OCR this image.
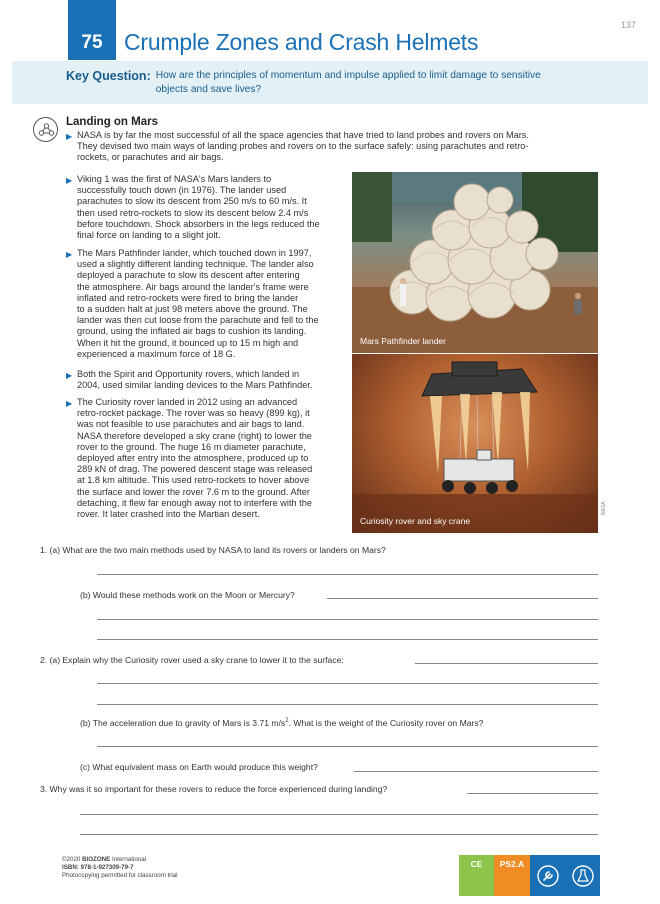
137
75 Crumple Zones and Crash Helmets
Key Question: How are the principles of momentum and impulse applied to limit damage to sensitive
objects and save lives?
Landing on Mars
▶ NASA is by far the most successful of all the space agencies that have tried to land probes and rovers on Mars.
They devised two main ways of landing probes and rovers on to the surface safely: using parachutes and retro-
rockets, or parachutes and air bags.
▶ Viking 1 was the first of NASA's Mars landers to
successfully touch down (in 1976). The lander used
parachutes to slow its descent from 250 m/s to 60 m/s. It
then used retro-rockets to slow its descent below 2.4 m/s
before touchdown. Shock absorbers in the legs reduced the
final force on landing to a slight jolt.
▶ The Mars Pathfinder lander, which touched down in 1997,
used a slightly different landing technique. The lander also
deployed a parachute to slow its descent after entering
the atmosphere. Air bags around the lander's frame were
inflated and retro-rockets were fired to bring the lander
to a sudden halt at just 98 meters above the ground. The
lander was then cut loose from the parachute and fell to the
ground, using the inflated air bags to cushion its landing.
When it hit the ground, it bounced up to 15 m high and
experienced a maximum force of 18 G.
▶ Both the Spirit and Opportunity rovers, which landed in
2004, used similar landing devices to the Mars Pathfinder.
▶ The Curiosity rover landed in 2012 using an advanced
retro-rocket package. The rover was so heavy (899 kg), it
was not feasible to use parachutes and air bags to land.
NASA therefore developed a sky crane (right) to lower the
rover to the ground. The huge 16 m diameter parachute,
deployed after entry into the atmosphere, produced up to
289 kN of drag. The powered descent stage was released
at 1.8 km altitude. This used retro-rockets to hover above
the surface and lower the rover 7.6 m to the ground. After
detaching, it flew far enough away not to interfere with the
rover. It later crashed into the Martian desert.
Mars Pathfinder lander
Curiosity rover and sky crane
NASA
1. (a) What are the two main methods used by NASA to land its rovers or landers on Mars?
(b) Would these methods work on the Moon or Mercury?
2. (a) Explain why the Curiosity rover used a sky crane to lower it to the surface:
(b) The acceleration due to gravity of Mars is 3.71 $m/s^2$. What is the weight of the Curiosity rover on Mars?
(c) What equivalent mass on Earth would produce this weight?
3. Why was it so important for these rovers to reduce the force experienced during landing?
©2020 BIOZONE International
ISBN: 978-1-927309-79-7
Photocopying permitted for classroom trial
CE	PS2.A
